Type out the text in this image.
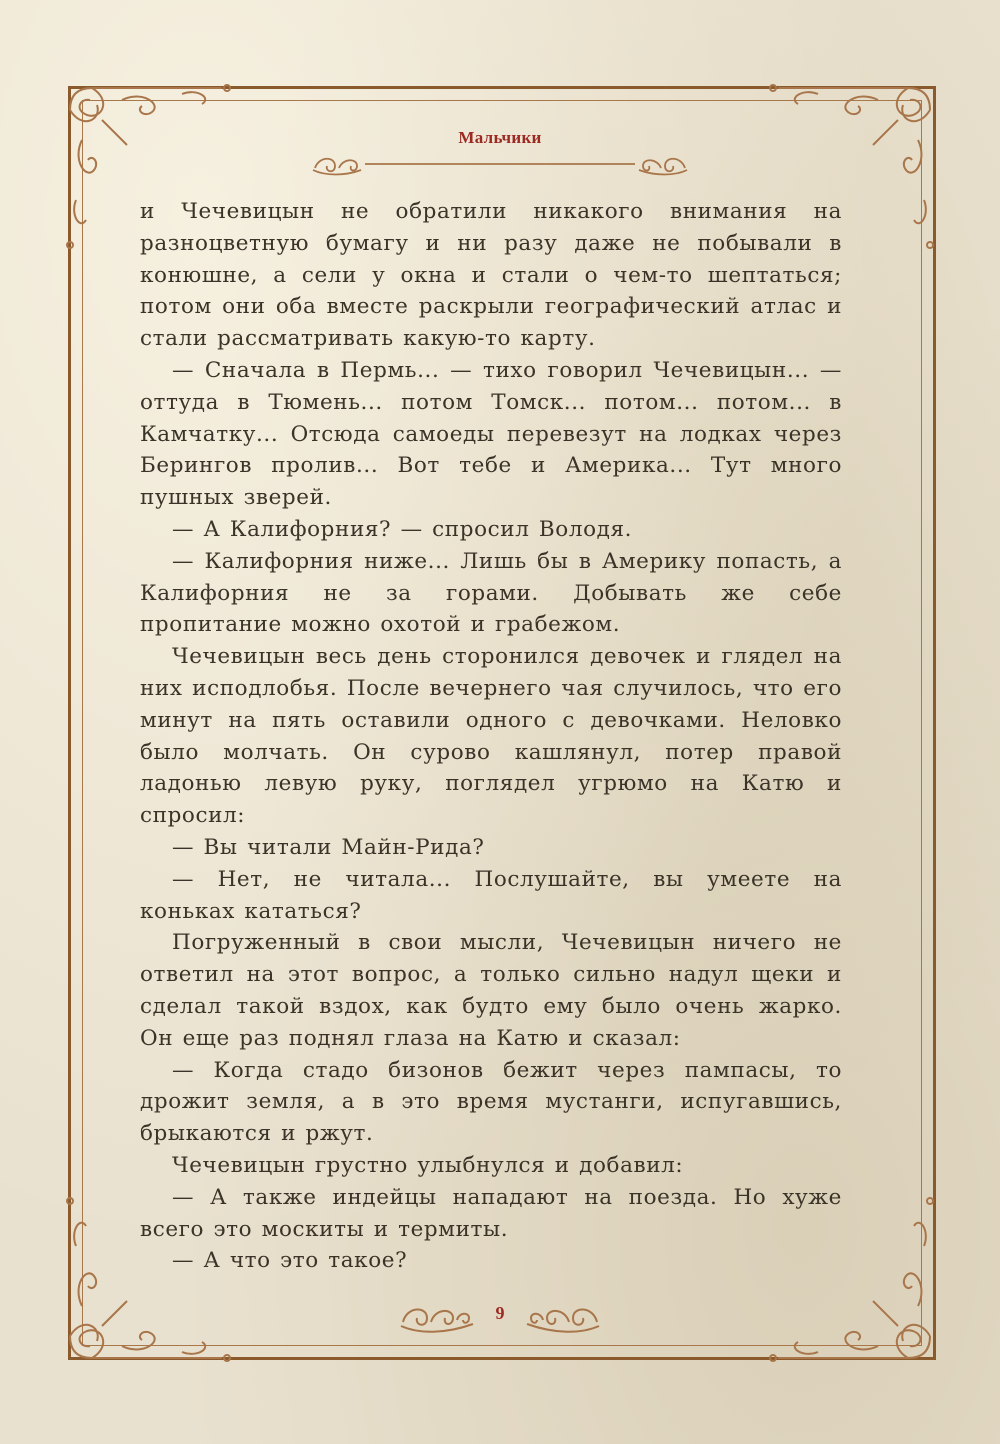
Мальчики

и Чечевицын не обратили никакого внимания на разноцветную бумагу и ни разу даже не побывали в конюшне, а сели у окна и стали о чем-то шептаться; потом они оба вместе раскрыли географический атлас и стали рассматривать какую-то карту.

— Сначала в Пермь... — тихо говорил Чечевицын... — оттуда в Тюмень... потом Томск... потом... потом... в Камчатку... Отсюда самоеды перевезут на лодках через Берингов пролив... Вот тебе и Америка... Тут много пушных зверей.

— А Калифорния? — спросил Володя.

— Калифорния ниже... Лишь бы в Америку попасть, а Калифорния не за горами. Добывать же себе пропитание можно охотой и грабежом.

Чечевицын весь день сторонился девочек и глядел на них исподлобья. После вечернего чая случилось, что его минут на пять оставили одного с девочками. Неловко было молчать. Он сурово кашлянул, потер правой ладонью левую руку, поглядел угрюмо на Катю и спросил:

— Вы читали Майн-Рида?

— Нет, не читала... Послушайте, вы умеете на коньках кататься?

Погруженный в свои мысли, Чечевицын ничего не ответил на этот вопрос, а только сильно надул щеки и сделал такой вздох, как будто ему было очень жарко. Он еще раз поднял глаза на Катю и сказал:

— Когда стадо бизонов бежит через пампасы, то дрожит земля, а в это время мустанги, испугавшись, брыкаются и ржут.

Чечевицын грустно улыбнулся и добавил:

— А также индейцы нападают на поезда. Но хуже всего это москиты и термиты.

— А что это такое?

9
